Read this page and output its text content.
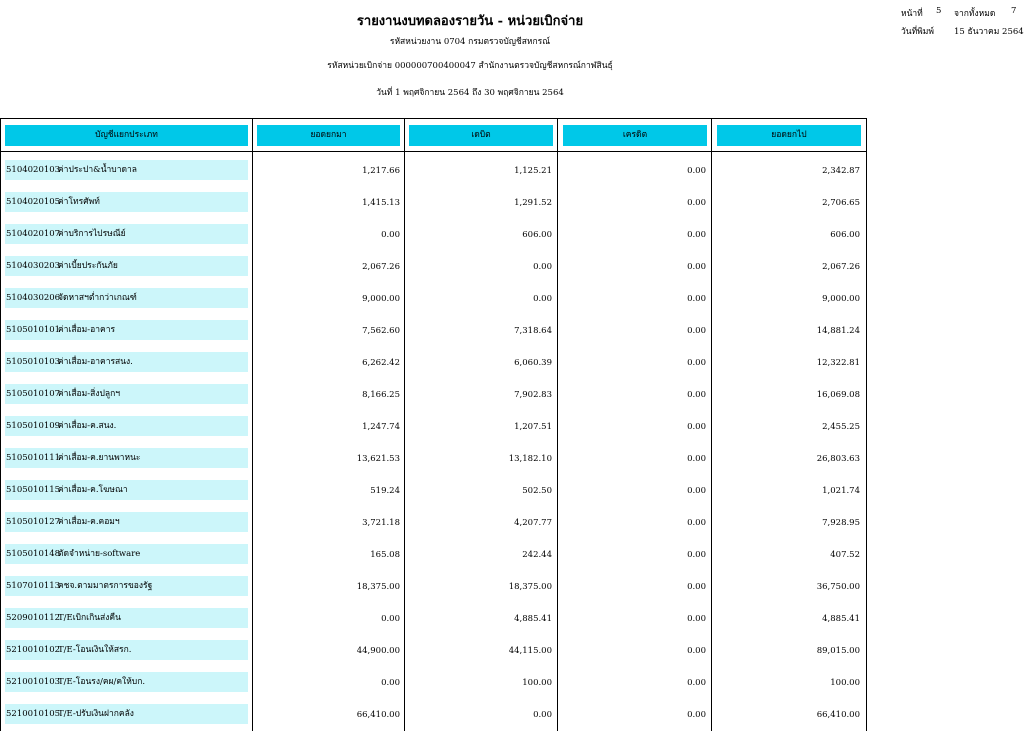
รายงานงบทดลองรายวัน - หน่วยเบิกจ่าย
รหัสหน่วยงาน 0704 กรมตรวจบัญชีสหกรณ์
รหัสหน่วยเบิกจ่าย 000000700400047 สำนักงานตรวจบัญชีสหกรณ์กาฬสินธุ์
วันที่ 1 พฤศจิกายน 2564 ถึง 30 พฤศจิกายน 2564
หน้าที่ 5 จากทั้งหมด 7
วันที่พิมพ์ 15 ธันวาคม 2564
บัญชีแยกประเภท	ยอดยกมา	เดบิต	เครดิต	ยอดยกไป
5104020103ค่าประปา&น้ำบาดาล	1,217.66	1,125.21	0.00	2,342.87
5104020105ค่าโทรศัพท์	1,415.13	1,291.52	0.00	2,706.65
5104020107ค่าบริการไปรษณีย์	0.00	606.00	0.00	606.00
5104030203ค่าเบี้ยประกันภัย	2,067.26	0.00	0.00	2,067.26
5104030206จัดหาสฯต่ำกว่าเกณฑ์	9,000.00	0.00	0.00	9,000.00
5105010101ค่าเสื่อม-อาคาร	7,562.60	7,318.64	0.00	14,881.24
5105010103ค่าเสื่อม-อาคารสนง.	6,262.42	6,060.39	0.00	12,322.81
5105010107ค่าเสื่อม-สิ่งปลูกฯ	8,166.25	7,902.83	0.00	16,069.08
5105010109ค่าเสื่อม-ค.สนง.	1,247.74	1,207.51	0.00	2,455.25
5105010111ค่าเสื่อม-ค.ยานพาหนะ	13,621.53	13,182.10	0.00	26,803.63
5105010115ค่าเสื่อม-ค.โฆษณา	519.24	502.50	0.00	1,021.74
5105010127ค่าเสื่อม-ค.คอมฯ	3,721.18	4,207.77	0.00	7,928.95
5105010148ตัดจำหน่าย-software	165.08	242.44	0.00	407.52
5107010113คชจ.ตามมาตรการของรัฐ	18,375.00	18,375.00	0.00	36,750.00
5209010112T/Eเบิกเกินส่งคืน	0.00	4,885.41	0.00	4,885.41
5210010102T/E-โอนเงินให้สรก.	44,900.00	44,115.00	0.00	89,015.00
5210010103T/E-โอนรง/คผ/คให้บก.	0.00	100.00	0.00	100.00
5210010105T/E-ปรับเงินฝากคลัง	66,410.00	0.00	0.00	66,410.00
